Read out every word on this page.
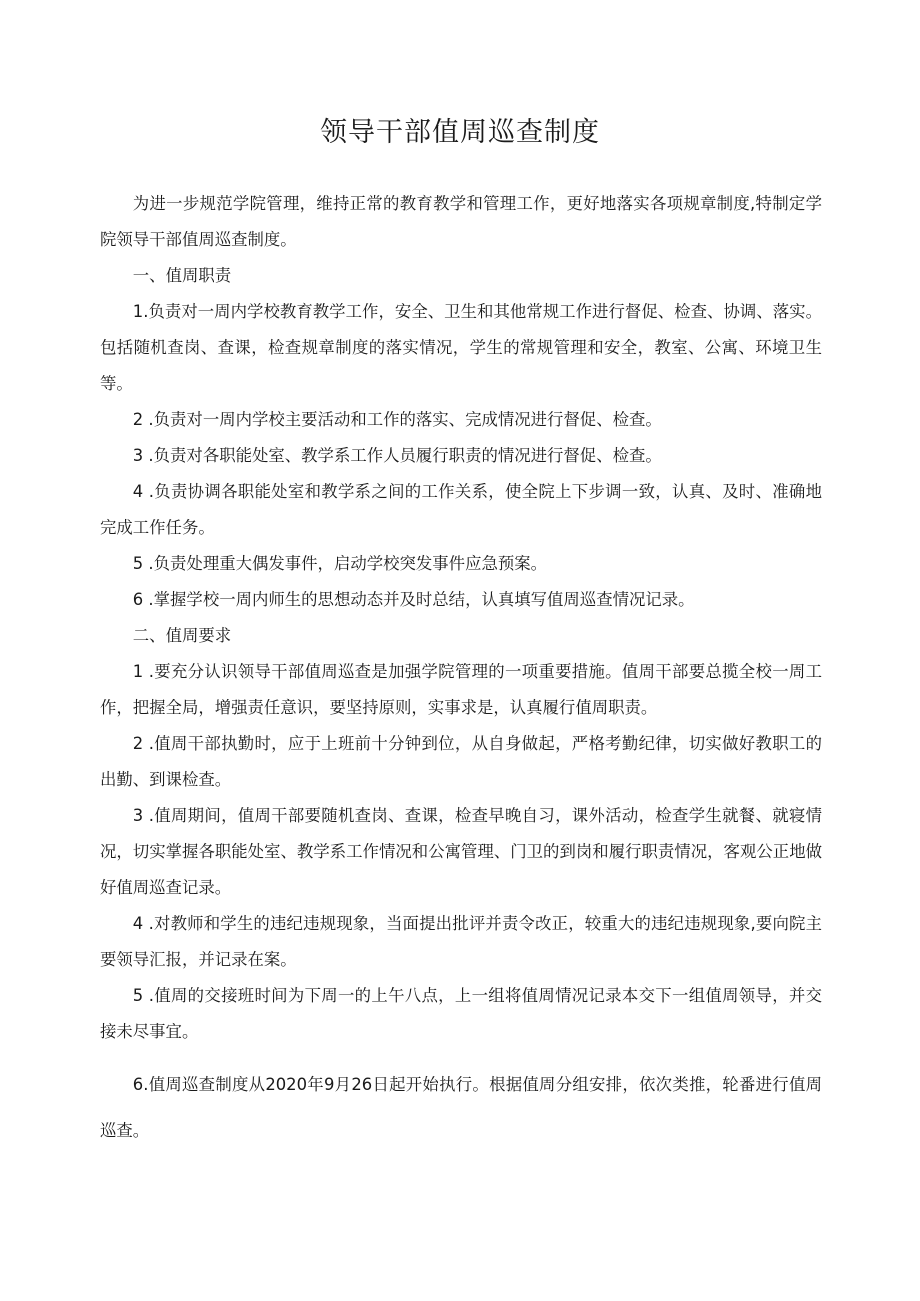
领导干部值周巡查制度

为进一步规范学院管理，维持正常的教育教学和管理工作，更好地落实各项规章制度,特制定学院领导干部值周巡查制度。

一、值周职责

1.负责对一周内学校教育教学工作，安全、卫生和其他常规工作进行督促、检查、协调、落实。包括随机查岗、查课，检查规章制度的落实情况，学生的常规管理和安全，教室、公寓、环境卫生等。

2 .负责对一周内学校主要活动和工作的落实、完成情况进行督促、检查。

3 .负责对各职能处室、教学系工作人员履行职责的情况进行督促、检查。

4 .负责协调各职能处室和教学系之间的工作关系，使全院上下步调一致，认真、及时、准确地完成工作任务。

5 .负责处理重大偶发事件，启动学校突发事件应急预案。

6 .掌握学校一周内师生的思想动态并及时总结，认真填写值周巡查情况记录。

二、值周要求

1 .要充分认识领导干部值周巡查是加强学院管理的一项重要措施。值周干部要总揽全校一周工作，把握全局，增强责任意识，要坚持原则，实事求是，认真履行值周职责。

2 .值周干部执勤时，应于上班前十分钟到位，从自身做起，严格考勤纪律，切实做好教职工的出勤、到课检查。

3 .值周期间，值周干部要随机查岗、查课，检查早晚自习，课外活动，检查学生就餐、就寝情况，切实掌握各职能处室、教学系工作情况和公寓管理、门卫的到岗和履行职责情况，客观公正地做好值周巡查记录。

4 .对教师和学生的违纪违规现象，当面提出批评并责令改正，较重大的违纪违规现象,要向院主要领导汇报，并记录在案。

5 .值周的交接班时间为下周一的上午八点，上一组将值周情况记录本交下一组值周领导，并交接未尽事宜。

6.值周巡查制度从2020年9月26日起开始执行。根据值周分组安排，依次类推，轮番进行值周巡查。
